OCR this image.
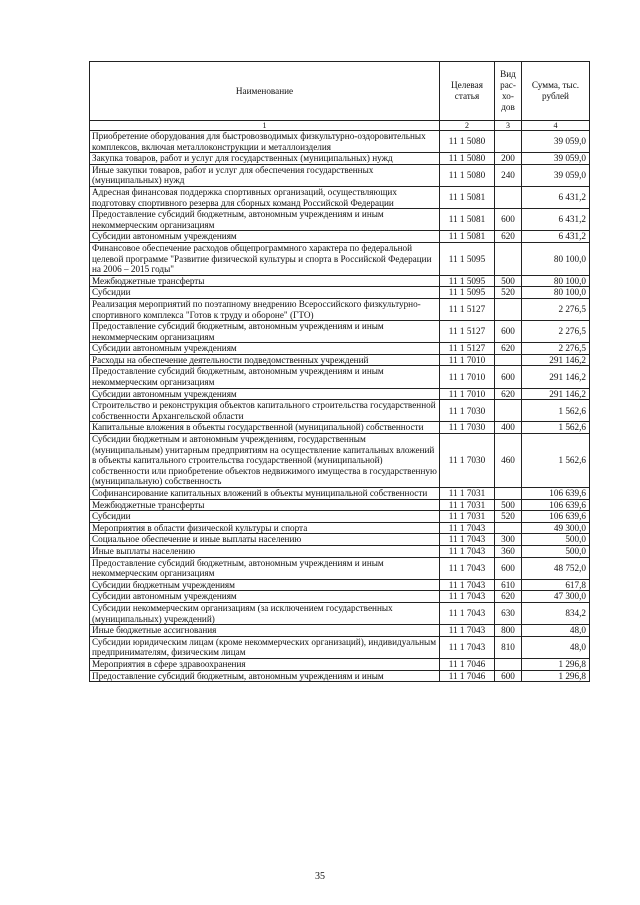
Наименование	Целевая статья	Вид рас-хо-дов	Сумма, тыс. рублей
1	2	3	4
Приобретение оборудования для быстровозводимых физкультурно-оздоровительных комплексов, включая металлоконструкции и металлоизделия	11 1 5080		39 059,0
Закупка товаров, работ и услуг для государственных (муниципальных) нужд	11 1 5080	200	39 059,0
Иные закупки товаров, работ и услуг для обеспечения государственных (муниципальных) нужд	11 1 5080	240	39 059,0
Адресная финансовая поддержка спортивных организаций, осуществляющих подготовку спортивного резерва для сборных команд Российской Федерации	11 1 5081		6 431,2
Предоставление субсидий бюджетным, автономным учреждениям и иным некоммерческим организациям	11 1 5081	600	6 431,2
Субсидии автономным учреждениям	11 1 5081	620	6 431,2
Финансовое обеспечение расходов общепрограммного характера по федеральной целевой программе "Развитие физической культуры и спорта в Российской Федерации на 2006 – 2015 годы"	11 1 5095		80 100,0
Межбюджетные трансферты	11 1 5095	500	80 100,0
Субсидии	11 1 5095	520	80 100,0
Реализация мероприятий по поэтапному внедрению Всероссийского физкультурно-спортивного комплекса "Готов к труду и обороне" (ГТО)	11 1 5127		2 276,5
Предоставление субсидий бюджетным, автономным учреждениям и иным некоммерческим организациям	11 1 5127	600	2 276,5
Субсидии автономным учреждениям	11 1 5127	620	2 276,5
Расходы на обеспечение деятельности подведомственных учреждений	11 1 7010		291 146,2
Предоставление субсидий бюджетным, автономным учреждениям и иным некоммерческим организациям	11 1 7010	600	291 146,2
Субсидии автономным учреждениям	11 1 7010	620	291 146,2
Строительство и реконструкция объектов капитального строительства государственной собственности Архангельской области	11 1 7030		1 562,6
Капитальные вложения в объекты государственной (муниципальной) собственности	11 1 7030	400	1 562,6
Субсидии бюджетным и автономным учреждениям, государственным (муниципальным) унитарным предприятиям на осуществление капитальных вложений в объекты капитального строительства государственной (муниципальной) собственности или приобретение объектов недвижимого имущества в государственную (муниципальную) собственность	11 1 7030	460	1 562,6
Софинансирование капитальных вложений в объекты муниципальной собственности	11 1 7031		106 639,6
Межбюджетные трансферты	11 1 7031	500	106 639,6
Субсидии	11 1 7031	520	106 639,6
Мероприятия в области физической культуры и спорта	11 1 7043		49 300,0
Социальное обеспечение и иные выплаты населению	11 1 7043	300	500,0
Иные выплаты населению	11 1 7043	360	500,0
Предоставление субсидий бюджетным, автономным учреждениям и иным некоммерческим организациям	11 1 7043	600	48 752,0
Субсидии бюджетным учреждениям	11 1 7043	610	617,8
Субсидии автономным учреждениям	11 1 7043	620	47 300,0
Субсидии некоммерческим организациям (за исключением государственных (муниципальных) учреждений)	11 1 7043	630	834,2
Иные бюджетные ассигнования	11 1 7043	800	48,0
Субсидии юридическим лицам (кроме некоммерческих организаций), индивидуальным предпринимателям, физическим лицам	11 1 7043	810	48,0
Мероприятия в сфере здравоохранения	11 1 7046		1 296,8
Предоставление субсидий бюджетным, автономным учреждениям и иным	11 1 7046	600	1 296,8
35
